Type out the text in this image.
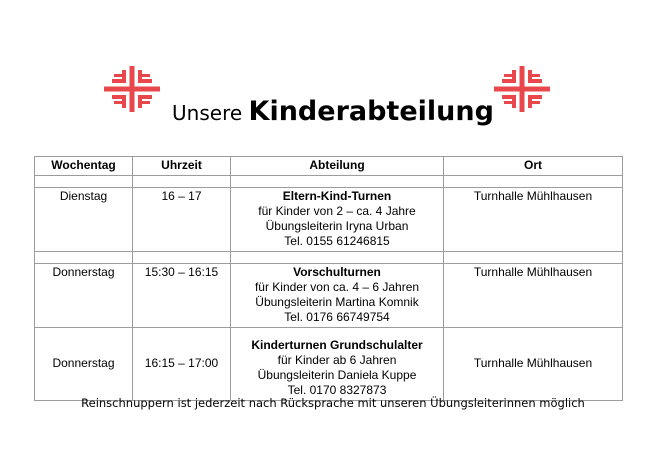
Unsere Kinderabteilung
Wochentag	Uhrzeit	Abteilung	Ort

Dienstag	16 – 17	Eltern-Kind-Turnen
für Kinder von 2 – ca. 4 Jahre
Übungsleiterin Iryna Urban
Tel. 0155 61246815	Turnhalle Mühlhausen

Donnerstag	15:30 – 16:15	Vorschulturnen
für Kinder von ca. 4 – 6 Jahren
Übungsleiterin Martina Komnik
Tel. 0176 66749754	Turnhalle Mühlhausen
Donnerstag	16:15 – 17:00	Kinderturnen Grundschulalter
für Kinder ab 6 Jahren
Übungsleiterin Daniela Kuppe
Tel. 0170 8327873	Turnhalle Mühlhausen
Reinschnuppern ist jederzeit nach Rücksprache mit unseren Übungsleiterinnen möglich
